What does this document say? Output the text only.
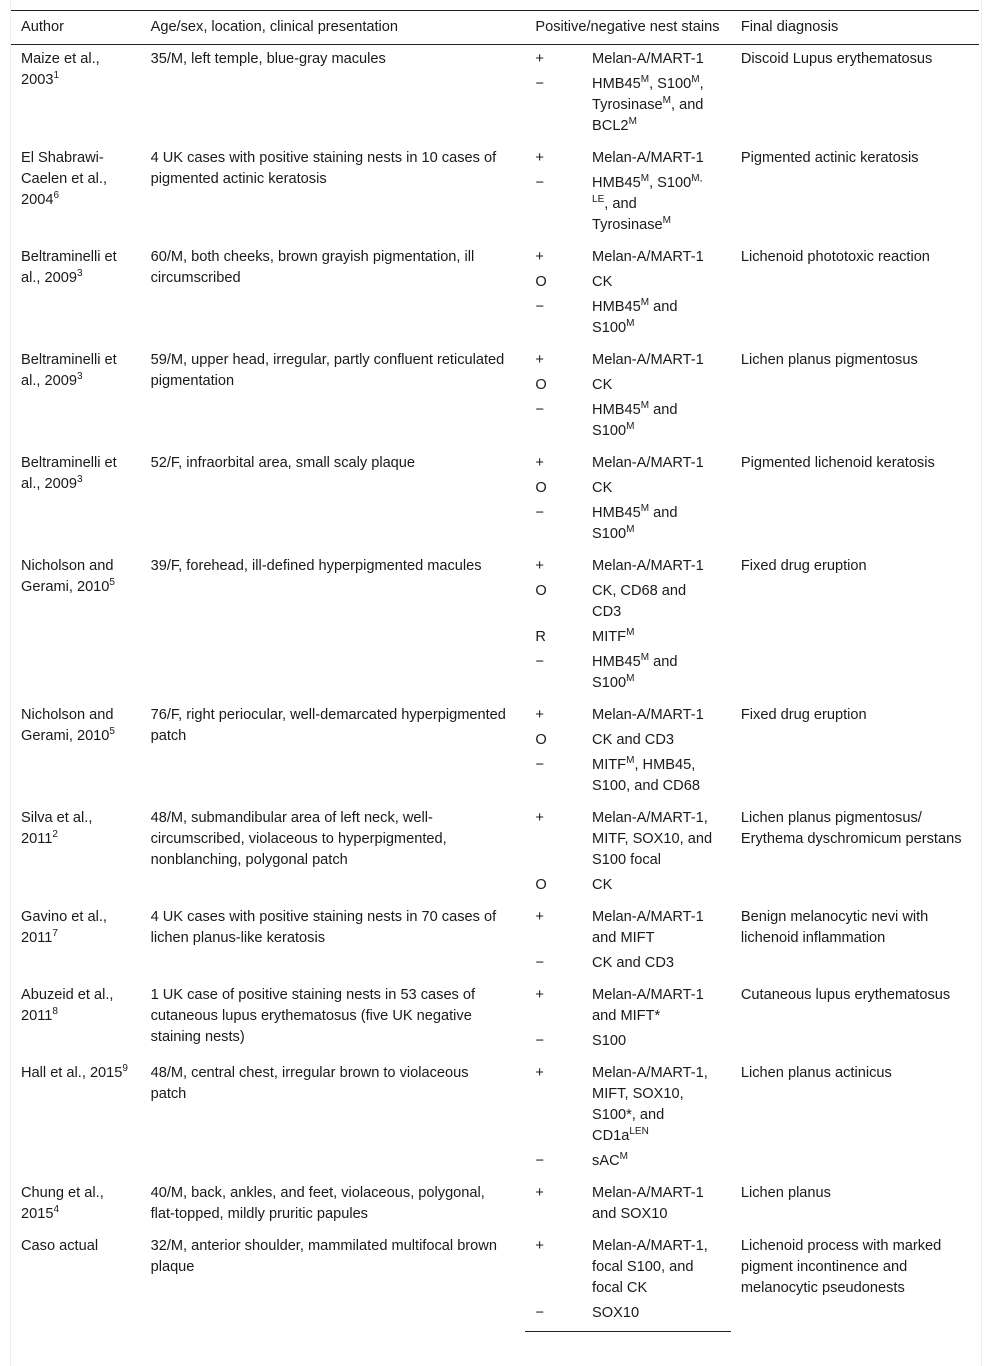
Author	Age/sex, location, clinical presentation	Positive/negative nest stains		Final diagnosis
Maize et al., 2003$^1$	35/M, left temple, blue-gray macules	+	Melan-A/MART-1	Discoid Lupus erythematosus
		−	$HMB45^M$, $S100^M$, Tyrosinase$^M$, and $BCL2^M$
El Shabrawi-Caelen et al., 2004$^6$	4 UK cases with positive staining nests in 10 cases of pigmented actinic keratosis	+	Melan-A/MART-1	Pigmented actinic keratosis
		−	$HMB45^M$, $S100^{M,}$ $^{LE}$, and Tyrosinase$^M$
Beltraminelli et al., 2009$^3$	60/M, both cheeks, brown grayish pigmentation, ill circumscribed	+	Melan-A/MART-1	Lichenoid phototoxic reaction
		O	CK	
		−	$HMB45^M$ and $S100^M$
Beltraminelli et al., 2009$^3$	59/M, upper head, irregular, partly confluent reticulated pigmentation	+	Melan-A/MART-1	Lichen planus pigmentosus
		O	CK	
		−	$HMB45^M$ and $S100^M$
Beltraminelli et al., 2009$^3$	52/F, infraorbital area, small scaly plaque	+	Melan-A/MART-1	Pigmented lichenoid keratosis
		O	CK	
		−	$HMB45^M$ and $S100^M$
Nicholson and Gerami, 2010$^5$	39/F, forehead, ill-defined hyperpigmented macules	+	Melan-A/MART-1	Fixed drug eruption
		O	CK, CD68 and CD3	
		R	$MITF^M$
		−	$HMB45^M$ and $S100^M$
Nicholson and Gerami, 2010$^5$	76/F, right periocular, well-demarcated hyperpigmented patch	+	Melan-A/MART-1	Fixed drug eruption
		O	CK and CD3	
		−	$MITF^M$, HMB45, S100, and CD68	
Silva et al., 2011$^2$	48/M, submandibular area of left neck, well-circumscribed, violaceous to hyperpigmented, nonblanching, polygonal patch	+	Melan-A/MART-1, MITF, SOX10, and S100 focal	Lichen planus pigmentosus/ Erythema dyschromicum perstans
		O	CK	
Gavino et al., 2011$^7$	4 UK cases with positive staining nests in 70 cases of lichen planus-like keratosis	+	Melan-A/MART-1 and MIFT	Benign melanocytic nevi with lichenoid inflammation
		−	CK and CD3	
Abuzeid et al., 2011$^8$	1 UK case of positive staining nests in 53 cases of cutaneous lupus erythematosus (five UK negative staining nests)	+	Melan-A/MART-1 and MIFT*	Cutaneous lupus erythematosus
		−	S100	
Hall et al., 2015$^9$	48/M, central chest, irregular brown to violaceous patch	+	Melan-A/MART-1, MIFT, SOX10, S100*, and $CD1a^{LEN}$	Lichen planus actinicus
		−	sAC$^M$
Chung et al., 2015$^4$	40/M, back, ankles, and feet, violaceous, polygonal, flat-topped, mildly pruritic papules	+	Melan-A/MART-1 and SOX10	Lichen planus
Caso actual	32/M, anterior shoulder, mammilated multifocal brown plaque	+	Melan-A/MART-1, focal S100, and focal CK	Lichenoid process with marked pigment incontinence and melanocytic pseudonests
		−	SOX10	
